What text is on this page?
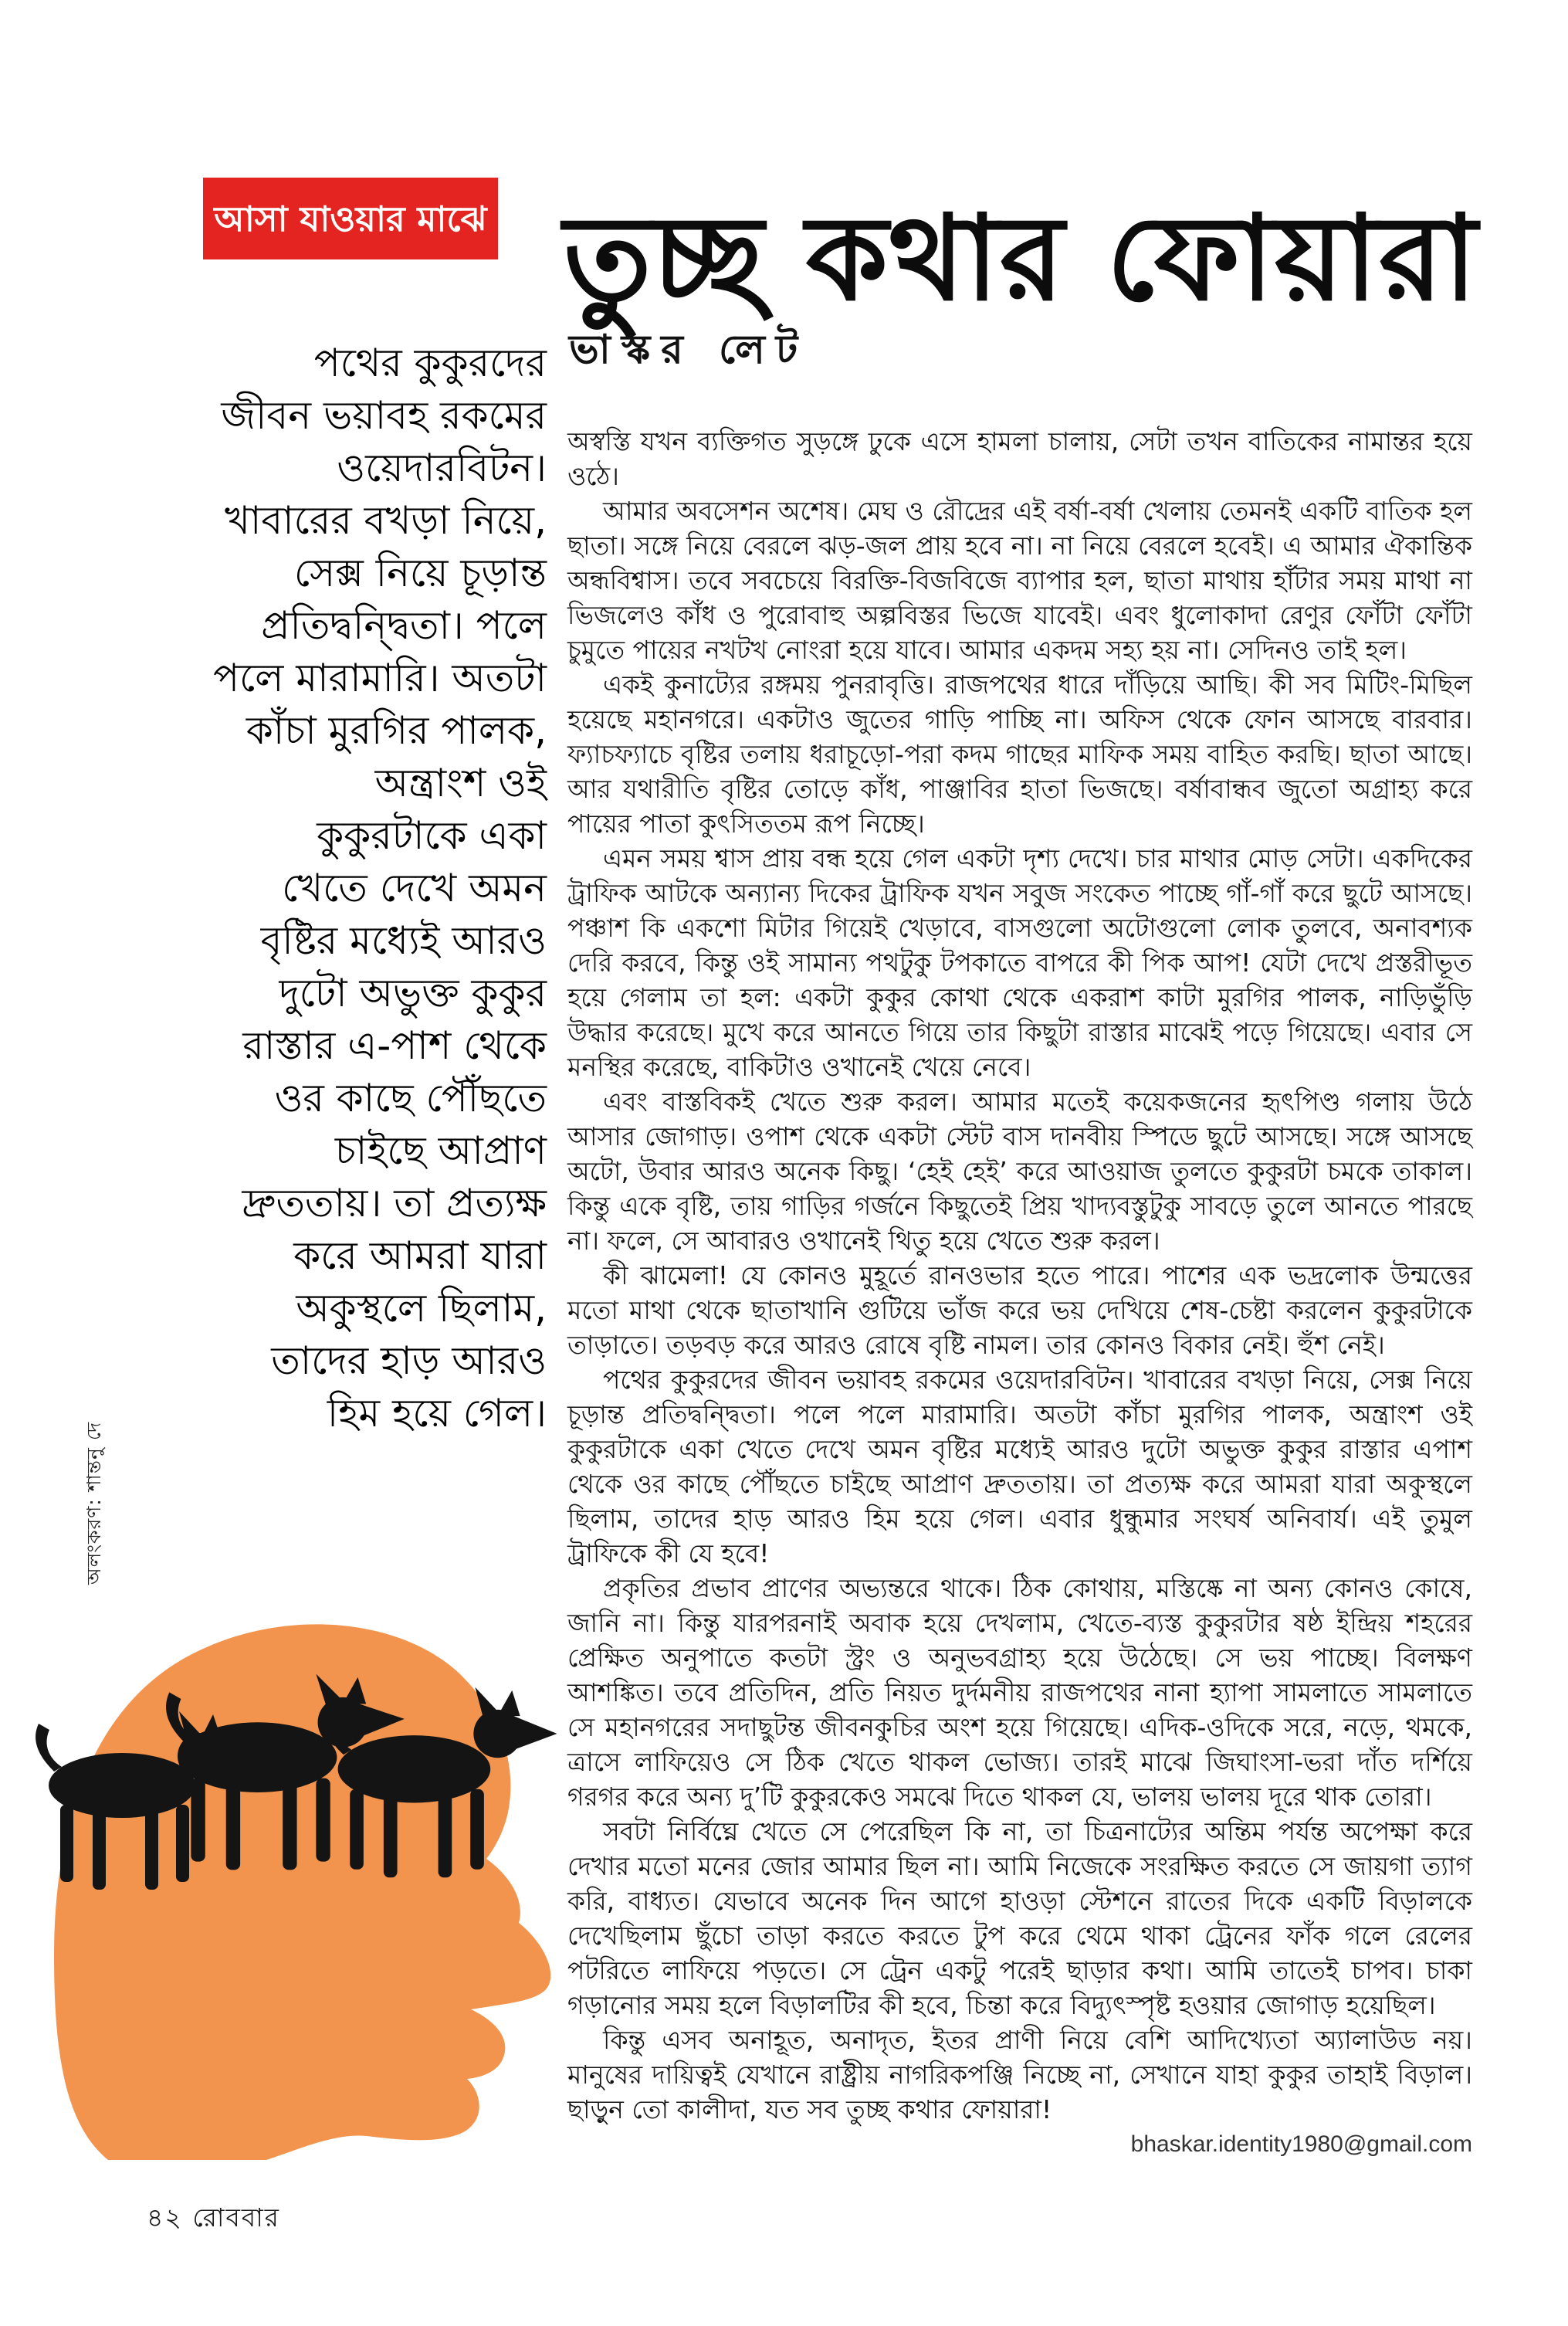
আসা যাওয়ার মাঝে তুচ্ছ কথার ফোয়ারা
ভাস্কর লেট
পথের কুকুরদের
জীবন ভয়াবহ রকমের
ওয়েদারবিটন।
খাবারের বখড়া নিয়ে,
সেক্স নিয়ে চূড়ান্ত
প্রতিদ্বন্দ্বিতা। পলে
পলে মারামারি। অতটা
কাঁচা মুরগির পালক,
অন্ত্রাংশ ওই
কুকুরটাকে একা
খেতে দেখে অমন
বৃষ্টির মধ্যেই আরও
দুটো অভুক্ত কুকুর
রাস্তার এ-পাশ থেকে
ওর কাছে পৌঁছতে
চাইছে আপ্রাণ
দ্রুততায়। তা প্রত্যক্ষ
করে আমরা যারা
অকুস্থলে ছিলাম,
তাদের হাড় আরও
হিম হয়ে গেল।
অলংকরণ: শান্তনু দে

অস্বস্তি যখন ব্যক্তিগত সুড়ঙ্গে ঢুকে এসে হামলা চালায়, সেটা তখন বাতিকের নামান্তর হয়ে ওঠে।

আমার অবসেশন অশেষ। মেঘ ও রৌদ্রের এই বর্ষা-বর্ষা খেলায় তেমনই একটি বাতিক হল ছাতা। সঙ্গে নিয়ে বেরলে ঝড়-জল প্রায় হবে না। না নিয়ে বেরলে হবেই। এ আমার ঐকান্তিক অন্ধবিশ্বাস। তবে সবচেয়ে বিরক্তি-বিজবিজে ব্যাপার হল, ছাতা মাথায় হাঁটার সময় মাথা না ভিজলেও কাঁধ ও পুরোবাহু অল্পবিস্তর ভিজে যাবেই। এবং ধুলোকাদা রেণুর ফোঁটা ফোঁটা চুমুতে পায়ের নখটখ নোংরা হয়ে যাবে। আমার একদম সহ্য হয় না। সেদিনও তাই হল।

একই কুনাট্যের রঙ্গময় পুনরাবৃত্তি। রাজপথের ধারে দাঁড়িয়ে আছি। কী সব মিটিং-মিছিল হয়েছে মহানগরে। একটাও জুতের গাড়ি পাচ্ছি না। অফিস থেকে ফোন আসছে বারবার। ফ্যাচফ্যাচে বৃষ্টির তলায় ধরাচূড়ো-পরা কদম গাছের মাফিক সময় বাহিত করছি। ছাতা আছে। আর যথারীতি বৃষ্টির তোড়ে কাঁধ, পাঞ্জাবির হাতা ভিজছে। বর্ষাবান্ধব জুতো অগ্রাহ্য করে পায়ের পাতা কুৎসিততম রূপ নিচ্ছে।

এমন সময় শ্বাস প্রায় বন্ধ হয়ে গেল একটা দৃশ্য দেখে। চার মাথার মোড় সেটা। একদিকের ট্রাফিক আটকে অন্যান্য দিকের ট্রাফিক যখন সবুজ সংকেত পাচ্ছে গাঁ-গাঁ করে ছুটে আসছে। পঞ্চাশ কি একশো মিটার গিয়েই খেড়াবে, বাসগুলো অটোগুলো লোক তুলবে, অনাবশ্যক দেরি করবে, কিন্তু ওই সামান্য পথটুকু টপকাতে বাপরে কী পিক আপ! যেটা দেখে প্রস্তরীভূত হয়ে গেলাম তা হল: একটা কুকুর কোথা থেকে একরাশ কাটা মুরগির পালক, নাড়িভুঁড়ি উদ্ধার করেছে। মুখে করে আনতে গিয়ে তার কিছুটা রাস্তার মাঝেই পড়ে গিয়েছে। এবার সে মনস্থির করেছে, বাকিটাও ওখানেই খেয়ে নেবে।

এবং বাস্তবিকই খেতে শুরু করল। আমার মতেই কয়েকজনের হৃৎপিণ্ড গলায় উঠে আসার জোগাড়। ওপাশ থেকে একটা স্টেট বাস দানবীয় স্পিডে ছুটে আসছে। সঙ্গে আসছে অটো, উবার আরও অনেক কিছু। ‘হেই হেই’ করে আওয়াজ তুলতে কুকুরটা চমকে তাকাল। কিন্তু একে বৃষ্টি, তায় গাড়ির গর্জনে কিছুতেই প্রিয় খাদ্যবস্তুটুকু সাবড়ে তুলে আনতে পারছে না। ফলে, সে আবারও ওখানেই থিতু হয়ে খেতে শুরু করল।

কী ঝামেলা! যে কোনও মুহূর্তে রানওভার হতে পারে। পাশের এক ভদ্রলোক উন্মত্তের মতো মাথা থেকে ছাতাখানি গুটিয়ে ভাঁজ করে ভয় দেখিয়ে শেষ-চেষ্টা করলেন কুকুরটাকে তাড়াতে। তড়বড় করে আরও রোষে বৃষ্টি নামল। তার কোনও বিকার নেই। হুঁশ নেই।

পথের কুকুরদের জীবন ভয়াবহ রকমের ওয়েদারবিটন। খাবারের বখড়া নিয়ে, সেক্স নিয়ে চূড়ান্ত প্রতিদ্বন্দ্বিতা। পলে পলে মারামারি। অতটা কাঁচা মুরগির পালক, অন্ত্রাংশ ওই কুকুরটাকে একা খেতে দেখে অমন বৃষ্টির মধ্যেই আরও দুটো অভুক্ত কুকুর রাস্তার এপাশ থেকে ওর কাছে পৌঁছতে চাইছে আপ্রাণ দ্রুততায়। তা প্রত্যক্ষ করে আমরা যারা অকুস্থলে ছিলাম, তাদের হাড় আরও হিম হয়ে গেল। এবার ধুন্ধুমার সংঘর্ষ অনিবার্য। এই তুমুল ট্রাফিকে কী যে হবে!

প্রকৃতির প্রভাব প্রাণের অভ্যন্তরে থাকে। ঠিক কোথায়, মস্তিষ্কে না অন্য কোনও কোষে, জানি না। কিন্তু যারপরনাই অবাক হয়ে দেখলাম, খেতে-ব্যস্ত কুকুরটার ষষ্ঠ ইন্দ্রিয় শহরের প্রেক্ষিত অনুপাতে কতটা স্ট্রং ও অনুভবগ্রাহ্য হয়ে উঠেছে। সে ভয় পাচ্ছে। বিলক্ষণ আশঙ্কিত। তবে প্রতিদিন, প্রতি নিয়ত দুর্দমনীয় রাজপথের নানা হ্যাপা সামলাতে সামলাতে সে মহানগরের সদাছুটন্ত জীবনকুচির অংশ হয়ে গিয়েছে। এদিক-ওদিকে সরে, নড়ে, থমকে, ত্রাসে লাফিয়েও সে ঠিক খেতে থাকল ভোজ্য। তারই মাঝে জিঘাংসা-ভরা দাঁত দর্শিয়ে গরগর করে অন্য দু’টি কুকুরকেও সমঝে দিতে থাকল যে, ভালয় ভালয় দূরে থাক তোরা।

সবটা নির্বিঘ্নে খেতে সে পেরেছিল কি না, তা চিত্রনাট্যের অন্তিম পর্যন্ত অপেক্ষা করে দেখার মতো মনের জোর আমার ছিল না। আমি নিজেকে সংরক্ষিত করতে সে জায়গা ত্যাগ করি, বাধ্যত। যেভাবে অনেক দিন আগে হাওড়া স্টেশনে রাতের দিকে একটি বিড়ালকে দেখেছিলাম ছুঁচো তাড়া করতে করতে টুপ করে থেমে থাকা ট্রেনের ফাঁক গলে রেলের পটরিতে লাফিয়ে পড়তে। সে ট্রেন একটু পরেই ছাড়ার কথা। আমি তাতেই চাপব। চাকা গড়ানোর সময় হলে বিড়ালটির কী হবে, চিন্তা করে বিদ্যুৎস্পৃষ্ট হওয়ার জোগাড় হয়েছিল।

কিন্তু এসব অনাহূত, অনাদৃত, ইতর প্রাণী নিয়ে বেশি আদিখ্যেতা অ্যালাউড নয়। মানুষের দায়িত্বই যেখানে রাষ্ট্রীয় নাগরিকপঞ্জি নিচ্ছে না, সেখানে যাহা কুকুর তাহাই বিড়াল। ছাড়ুন তো কালীদা, যত সব তুচ্ছ কথার ফোয়ারা!

bhaskar.identity1980@gmail.com
৪২ রোববার
